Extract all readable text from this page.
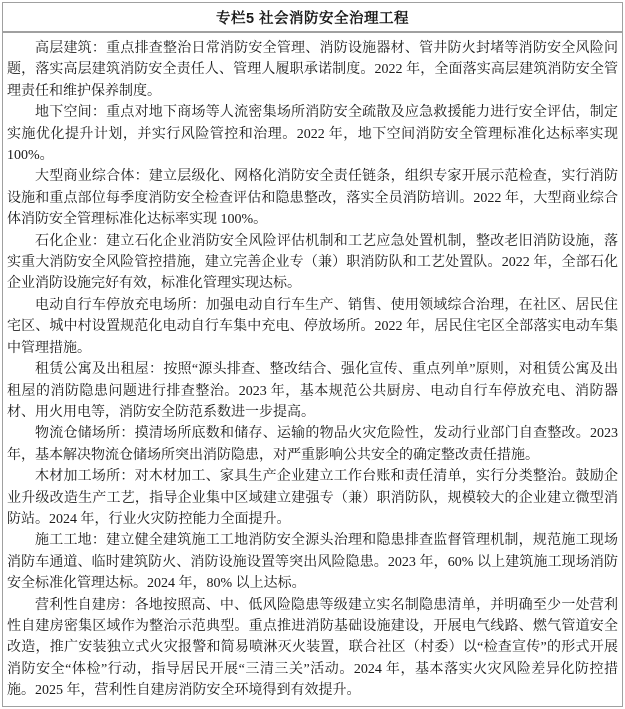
专栏5 社会消防安全治理工程

高层建筑：重点排查整治日常消防安全管理、消防设施器材、管井防火封堵等消防安全风险问题，落实高层建筑消防安全责任人、管理人履职承诺制度。2022 年，全面落实高层建筑消防安全管理责任和维护保养制度。

地下空间：重点对地下商场等人流密集场所消防安全疏散及应急救援能力进行安全评估，制定实施优化提升计划，并实行风险管控和治理。2022 年，地下空间消防安全管理标准化达标率实现 100%。

大型商业综合体：建立层级化、网格化消防安全责任链条，组织专家开展示范检查，实行消防设施和重点部位每季度消防安全检查评估和隐患整改，落实全员消防培训。2022 年，大型商业综合体消防安全管理标准化达标率实现 100%。

石化企业：建立石化企业消防安全风险评估机制和工艺应急处置机制，整改老旧消防设施，落实重大消防安全风险管控措施，建立完善企业专（兼）职消防队和工艺处置队。2022 年，全部石化企业消防设施完好有效，标准化管理实现达标。

电动自行车停放充电场所：加强电动自行车生产、销售、使用领域综合治理，在社区、居民住宅区、城中村设置规范化电动自行车集中充电、停放场所。2022 年，居民住宅区全部落实电动车集中管理措施。

租赁公寓及出租屋：按照“源头排查、整改结合、强化宣传、重点列单”原则，对租赁公寓及出租屋的消防隐患问题进行排查整治。2023 年，基本规范公共厨房、电动自行车停放充电、消防器材、用火用电等，消防安全防范系数进一步提高。

物流仓储场所：摸清场所底数和储存、运输的物品火灾危险性，发动行业部门自查整改。2023 年，基本解决物流仓储场所突出消防隐患，对严重影响公共安全的确定整改责任措施。

木材加工场所：对木材加工、家具生产企业建立工作台账和责任清单，实行分类整治。鼓励企业升级改造生产工艺，指导企业集中区域建立建强专（兼）职消防队，规模较大的企业建立微型消防站。2024 年，行业火灾防控能力全面提升。

施工工地：建立健全建筑施工工地消防安全源头治理和隐患排查监督管理机制，规范施工现场消防车通道、临时建筑防火、消防设施设置等突出风险隐患。2023 年，60% 以上建筑施工现场消防安全标准化管理达标。2024 年，80% 以上达标。

营利性自建房：各地按照高、中、低风险隐患等级建立实名制隐患清单，并明确至少一处营利性自建房密集区域作为整治示范典型。重点推进消防基础设施建设，开展电气线路、燃气管道安全改造，推广安装独立式火灾报警和简易喷淋灭火装置，联合社区（村委）以“检查宣传”的形式开展消防安全“体检”行动，指导居民开展“三清三关”活动。2024 年，基本落实火灾风险差异化防控措施。2025 年，营利性自建房消防安全环境得到有效提升。
